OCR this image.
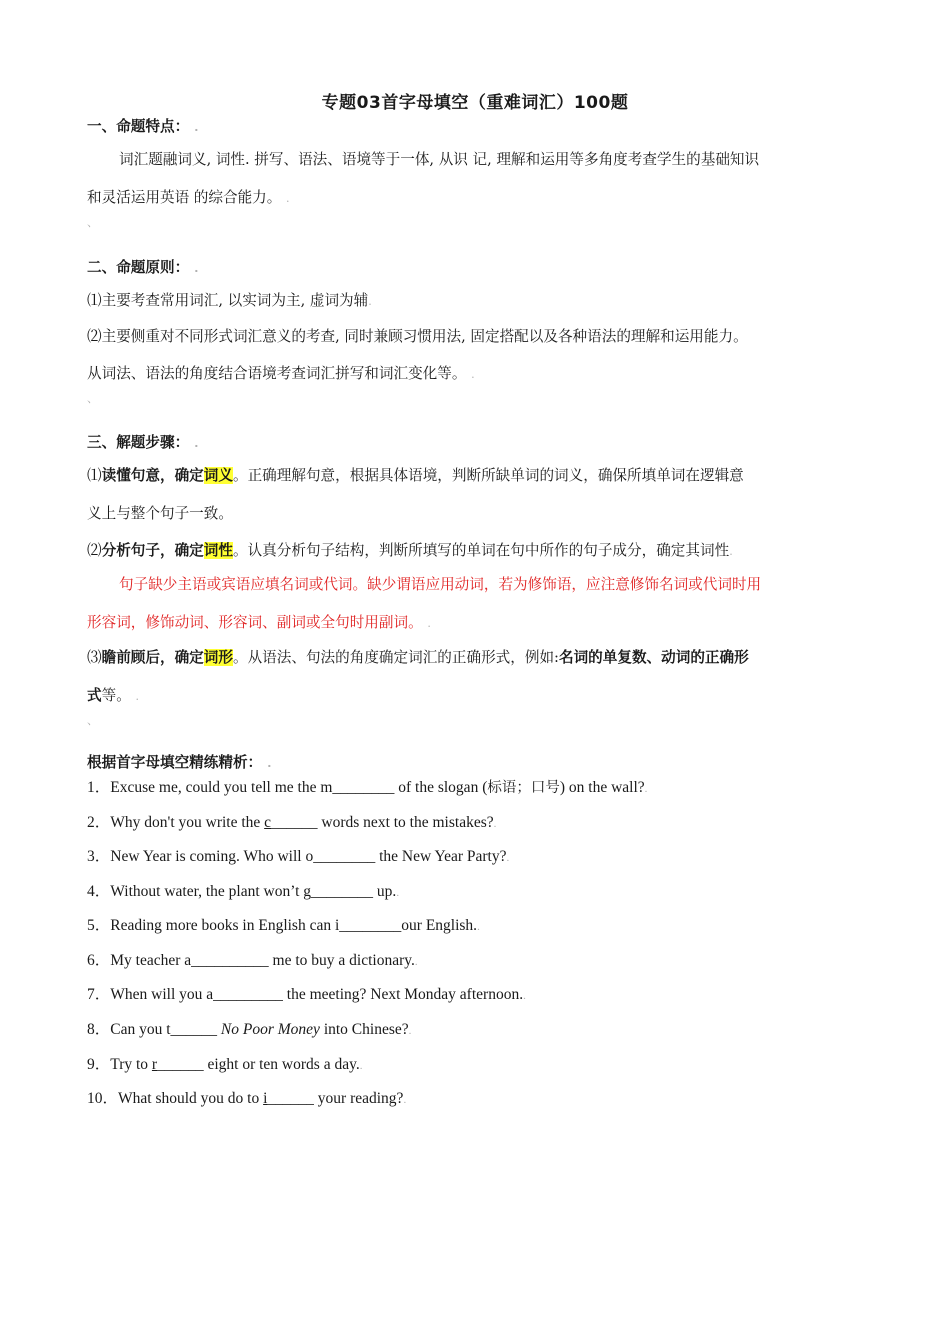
专题03首字母填空（重难词汇）100题
一、命题特点： .
词汇题融词义, 词性. 拼写、语法、语境等于一体, 从识 记, 理解和运用等多角度考查学生的基础知识
和灵活运用英语 的综合能力。 .
、
二、命题原则： .
⑴主要考查常用词汇, 以实词为主, 虚词为辅.
⑵主要侧重对不同形式词汇意义的考查, 同时兼顾习惯用法, 固定搭配以及各种语法的理解和运用能力。
从词法、语法的角度结合语境考查词汇拼写和词汇变化等。 .
、
三、解题步骤： .
⑴读懂句意，确定词义。正确理解句意，根据具体语境，判断所缺单词的词义，确保所填单词在逻辑意
义上与整个句子一致。
⑵分析句子，确定词性。认真分析句子结构，判断所填写的单词在句中所作的句子成分，确定其词性.
句子缺少主语或宾语应填名词或代词。缺少谓语应用动词，若为修饰语，应注意修饰名词或代词时用
形容词，修饰动词、形容词、副词或全句时用副词。 .
⑶瞻前顾后，确定词形。从语法、句法的角度确定词汇的正确形式，例如:名词的单复数、动词的正确形
式等。 .
、
根据首字母填空精练精析： .
1．Excuse me, could you tell me the m________ of the slogan (标语；口号) on the wall?.
2．Why don't you write the c______ words next to the mistakes?.
3．New Year is coming. Who will o________ the New Year Party?.
4．Without water, the plant won’t g________ up..
5．Reading more books in English can i________our English..
6．My teacher a__________ me to buy a dictionary..
7．When will you a_________ the meeting? Next Monday afternoon..
8．Can you t______ No Poor Money into Chinese?.
9．Try to r______ eight or ten words a day..
10．What should you do to i______ your reading?.
